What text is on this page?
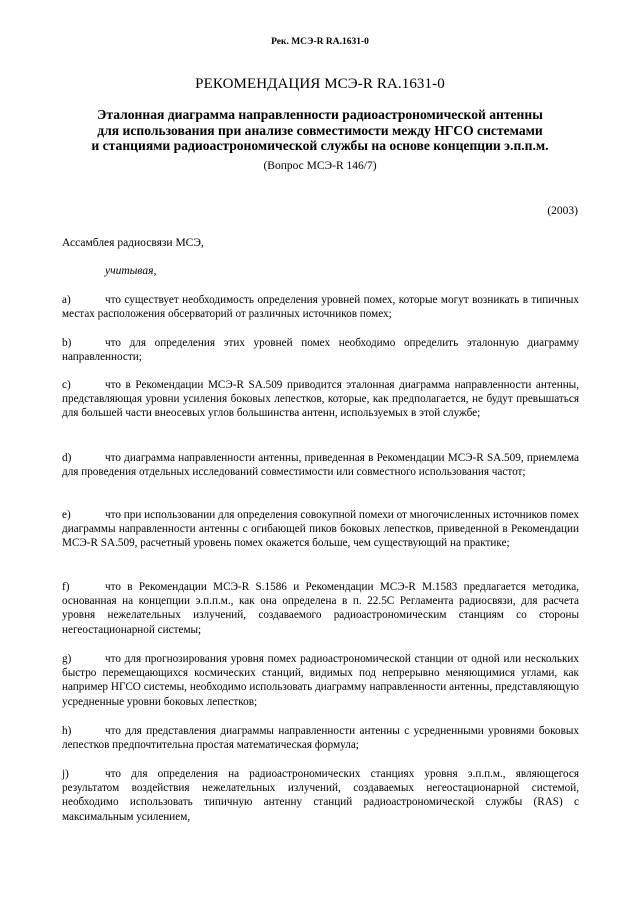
Рек. МСЭ-R RA.1631-0
РЕКОМЕНДАЦИЯ МСЭ-R RA.1631-0
Эталонная диаграмма направленности радиоастрономической антенны
для использования при анализе совместимости между НГСО системами
и станциями радиоастрономической службы на основе концепции э.п.п.м.
(Вопрос МСЭ-R 146/7)
(2003)
Ассамблея радиосвязи МСЭ,
учитывая,
a)	что существует необходимость определения уровней помех, которые могут возникать в типичных местах расположения обсерваторий от различных источников помех;
b)	что для определения этих уровней помех необходимо определить эталонную диаграмму направленности;
c)	что в Рекомендации МСЭ-R SA.509 приводится эталонная диаграмма направленности антенны, представляющая уровни усиления боковых лепестков, которые, как предполагается, не будут превышаться для большей части внеосевых углов большинства антенн, используемых в этой службе;
d)	что диаграмма направленности антенны, приведенная в Рекомендации МСЭ-R SA.509, приемлема для проведения отдельных исследований совместимости или совместного использования частот;
e)	что при использовании для определения совокупной помехи от многочисленных источников помех диаграммы направленности антенны с огибающей пиков боковых лепестков, приведенной в Рекомендации МСЭ-R SA.509, расчетный уровень помех окажется больше, чем существующий на практике;
f)	что в Рекомендации МСЭ-R S.1586 и Рекомендации МСЭ-R M.1583 предлагается методика, основанная на концепции э.п.п.м., как она определена в п. 22.5C Регламента радиосвязи, для расчета уровня нежелательных излучений, создаваемого радиоастрономическим станциям со стороны негеостационарной системы;
g)	что для прогнозирования уровня помех радиоастрономической станции от одной или нескольких быстро перемещающихся космических станций, видимых под непрерывно меняющимися углами, как например НГСО системы, необходимо использовать диаграмму направленности антенны, представляющую усредненные уровни боковых лепестков;
h)	что для представления диаграммы направленности антенны с усредненными уровнями боковых лепестков предпочтительна простая математическая формула;
j)	что для определения на радиоастрономических станциях уровня э.п.п.м., являющегося результатом воздействия нежелательных излучений, создаваемых негеостационарной системой, необходимо использовать типичную антенну станций радиоастрономической службы (RAS) с максимальным усилением,
